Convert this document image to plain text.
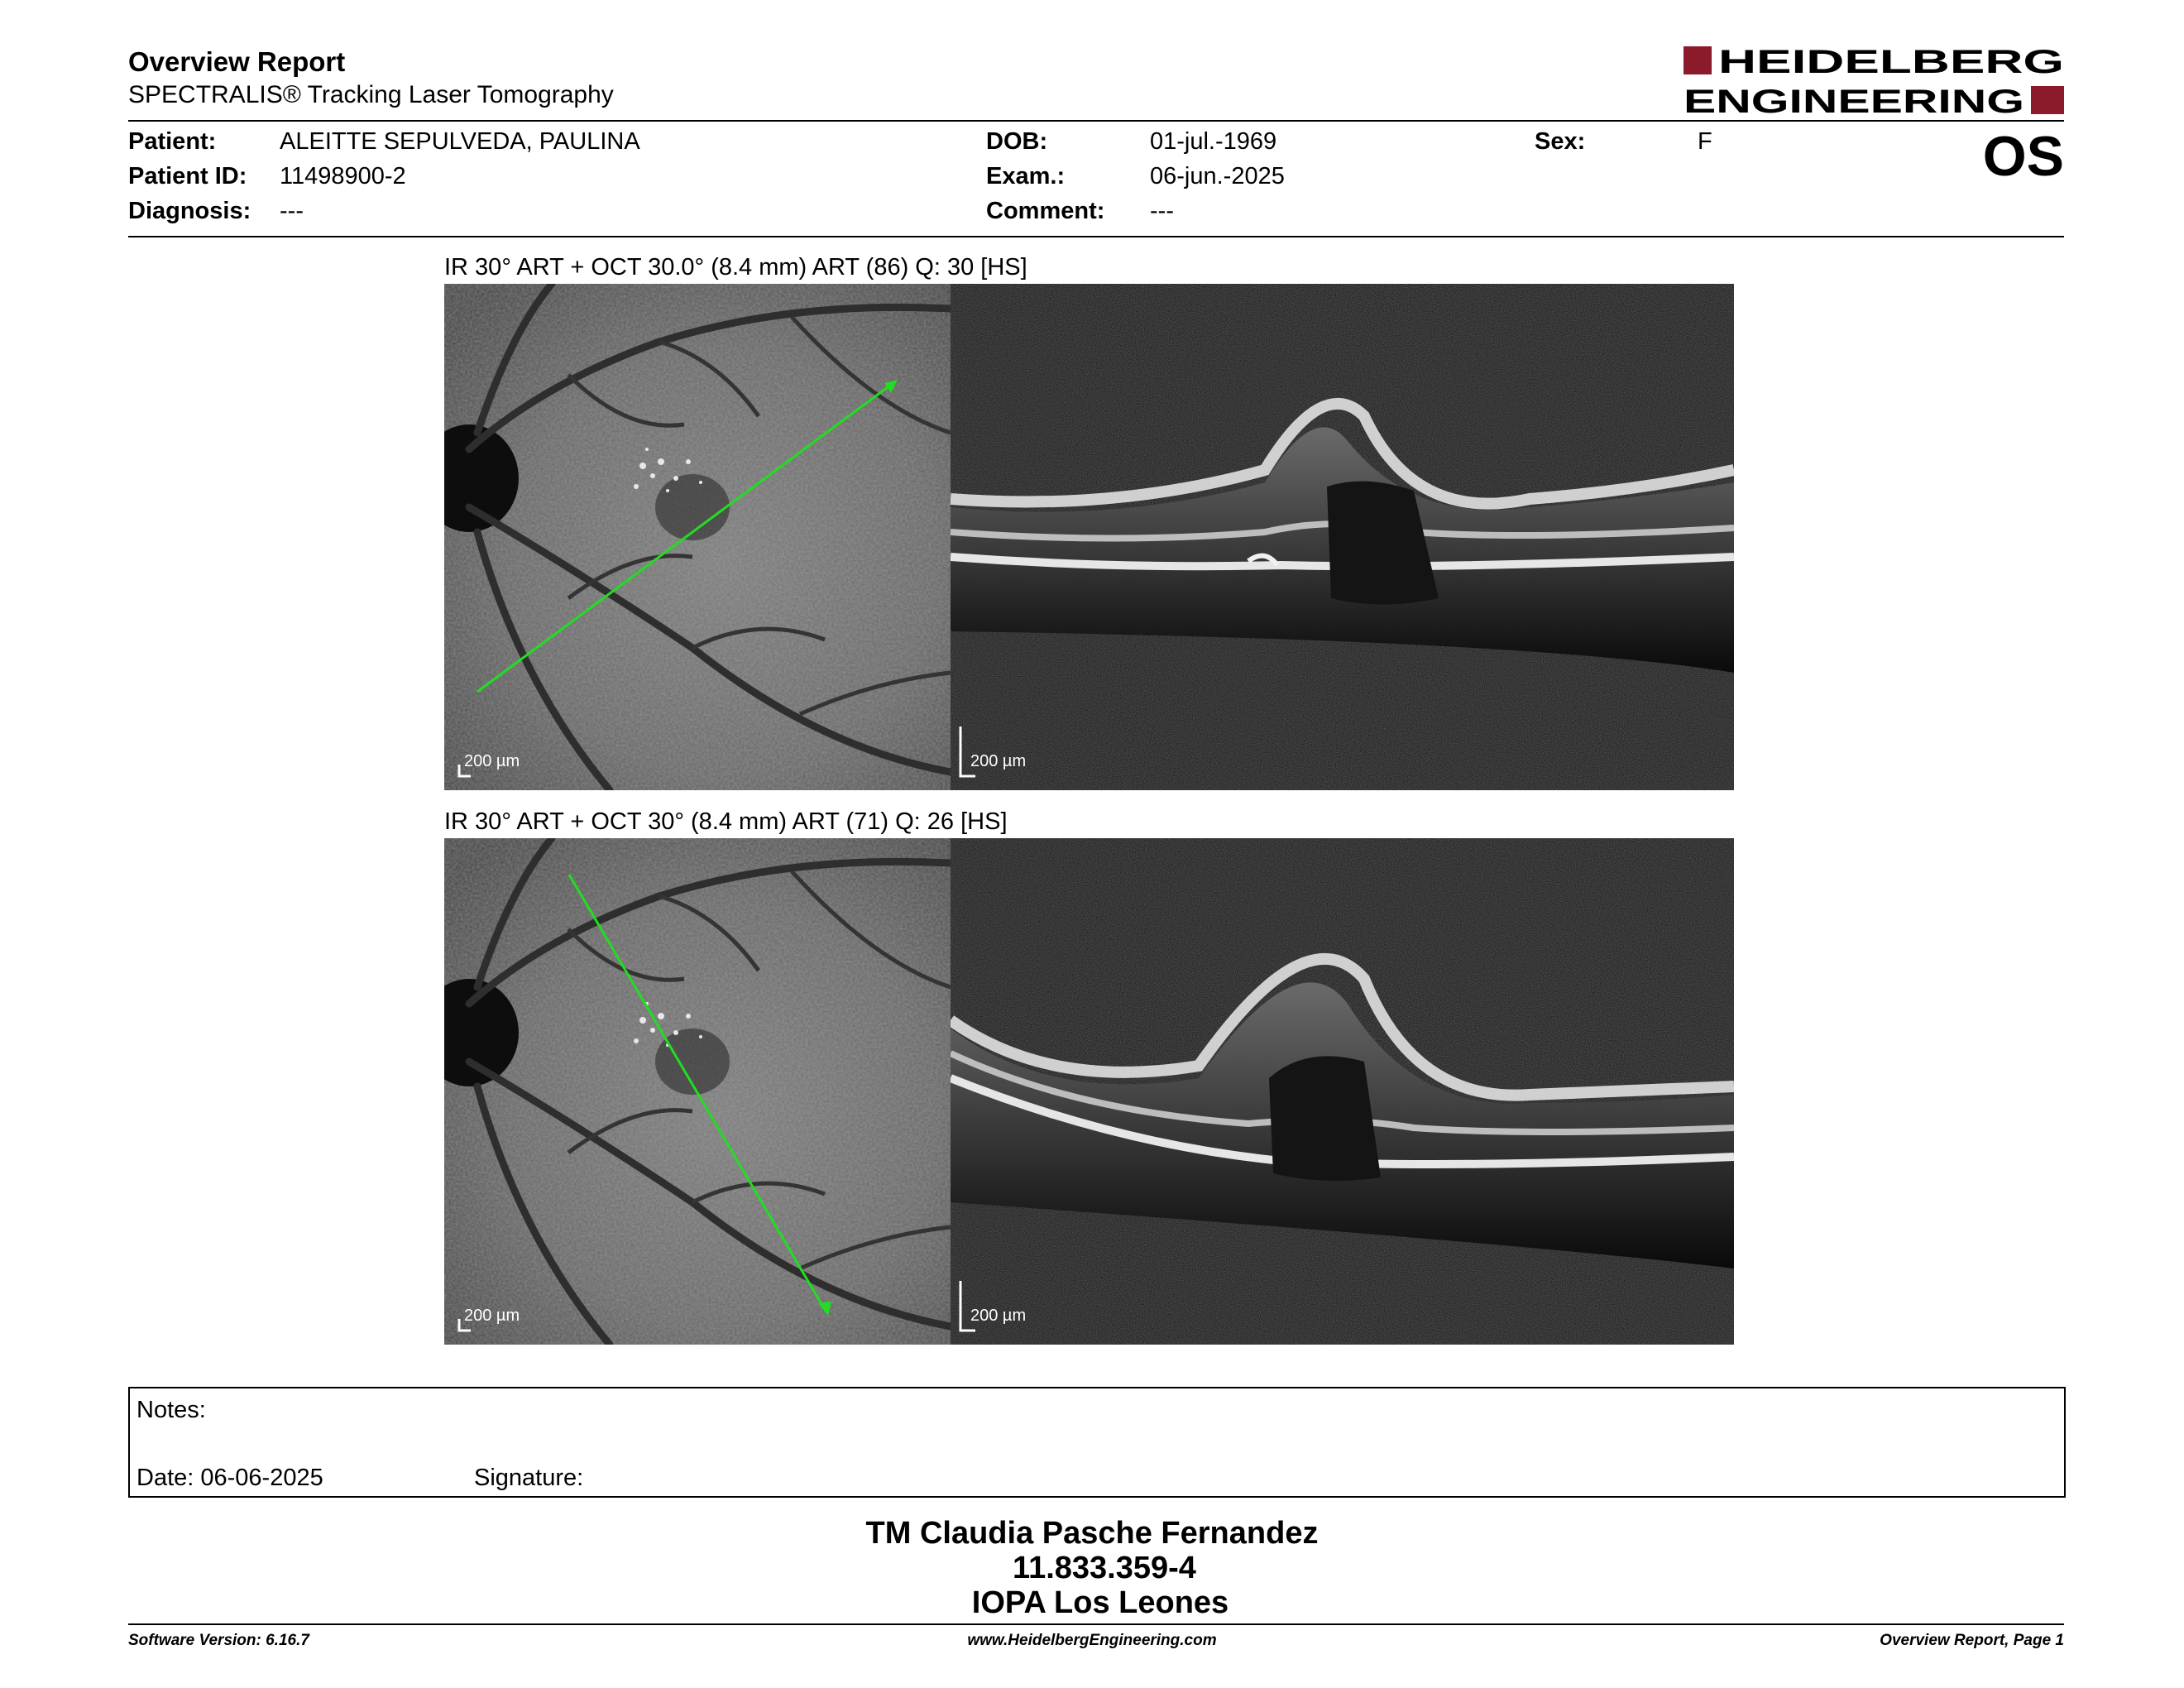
Overview Report
SPECTRALIS® Tracking Laser Tomography
HEIDELBERG
ENGINEERING
Patient:	ALEITTE SEPULVEDA, PAULINA
Patient ID: 11498900-2
Diagnosis: ---
DOB:	01-jul.-1969
Exam.:	06-jun.-2025
Comment: ---
Sex:	F	OS
IR 30° ART + OCT 30.0° (8.4 mm) ART (86) Q: 30 [HS]
200 µm	200 µm
IR 30° ART + OCT 30° (8.4 mm) ART (71) Q: 26 [HS]
200 µm	200 µm
Notes:
Date: 06-06-2025	Signature:
TM Claudia Pasche Fernandez
11.833.359-4
IOPA Los Leones
Software Version: 6.16.7	www.HeidelbergEngineering.com	Overview Report, Page 1
